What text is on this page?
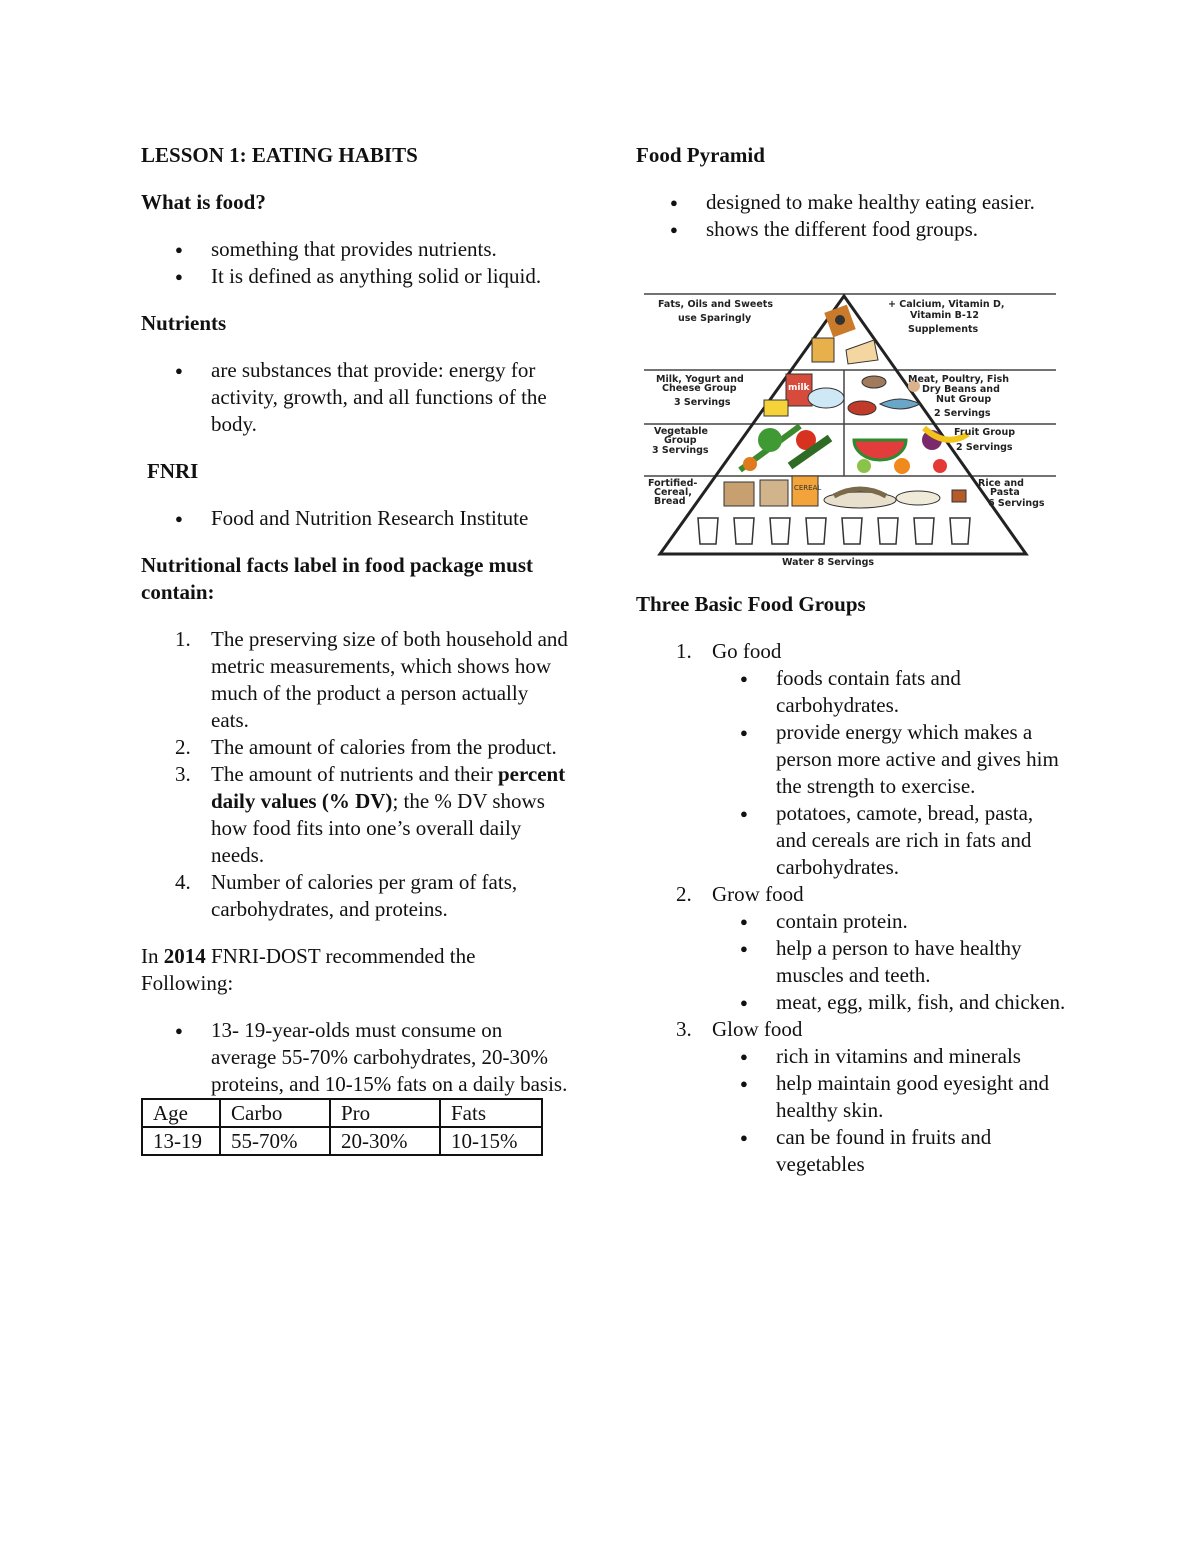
LESSON 1: EATING HABITS
What is food?
● something that provides nutrients.
● It is defined as anything solid or liquid.
Nutrients
● are substances that provide: energy for activity, growth, and all functions of the body.
FNRI
● Food and Nutrition Research Institute
Nutritional facts label in food package must contain:
1. The preserving size of both household and metric measurements, which shows how much of the product a person actually eats.
2. The amount of calories from the product.
3. The amount of nutrients and their percent daily values (% DV); the % DV shows how food fits into one’s overall daily needs.
4. Number of calories per gram of fats, carbohydrates, and proteins.
In 2014 FNRI-DOST recommended the Following:
● 13- 19-year-olds must consume on average 55-70% carbohydrates, 20-30% proteins, and 10-15% fats on a daily basis.
Age	Carbo	Pro	Fats
13-19	55-70%	20-30%	10-15%
Food Pyramid
● designed to make healthy eating easier.
● shows the different food groups.
milk
CEREAL
Fats, Oils and Sweets
use Sparingly
+ Calcium, Vitamin D,
Vitamin B-12
Supplements
Milk, Yogurt and
Cheese Group
3 Servings
Meat, Poultry, Fish
Dry Beans and
Nut Group
2 Servings
Vegetable
Group
3 Servings
Fruit Group
2 Servings
Fortified-
Cereal,
Bread
Rice and
Pasta
6 Servings
Water 8 Servings
Three Basic Food Groups
1. Go food
● foods contain fats and carbohydrates.
● provide energy which makes a person more active and gives him the strength to exercise.
● potatoes, camote, bread, pasta, and cereals are rich in fats and carbohydrates.
2. Grow food
● contain protein.
● help a person to have healthy muscles and teeth.
● meat, egg, milk, fish, and chicken.
3. Glow food
● rich in vitamins and minerals
● help maintain good eyesight and healthy skin.
● can be found in fruits and vegetables
